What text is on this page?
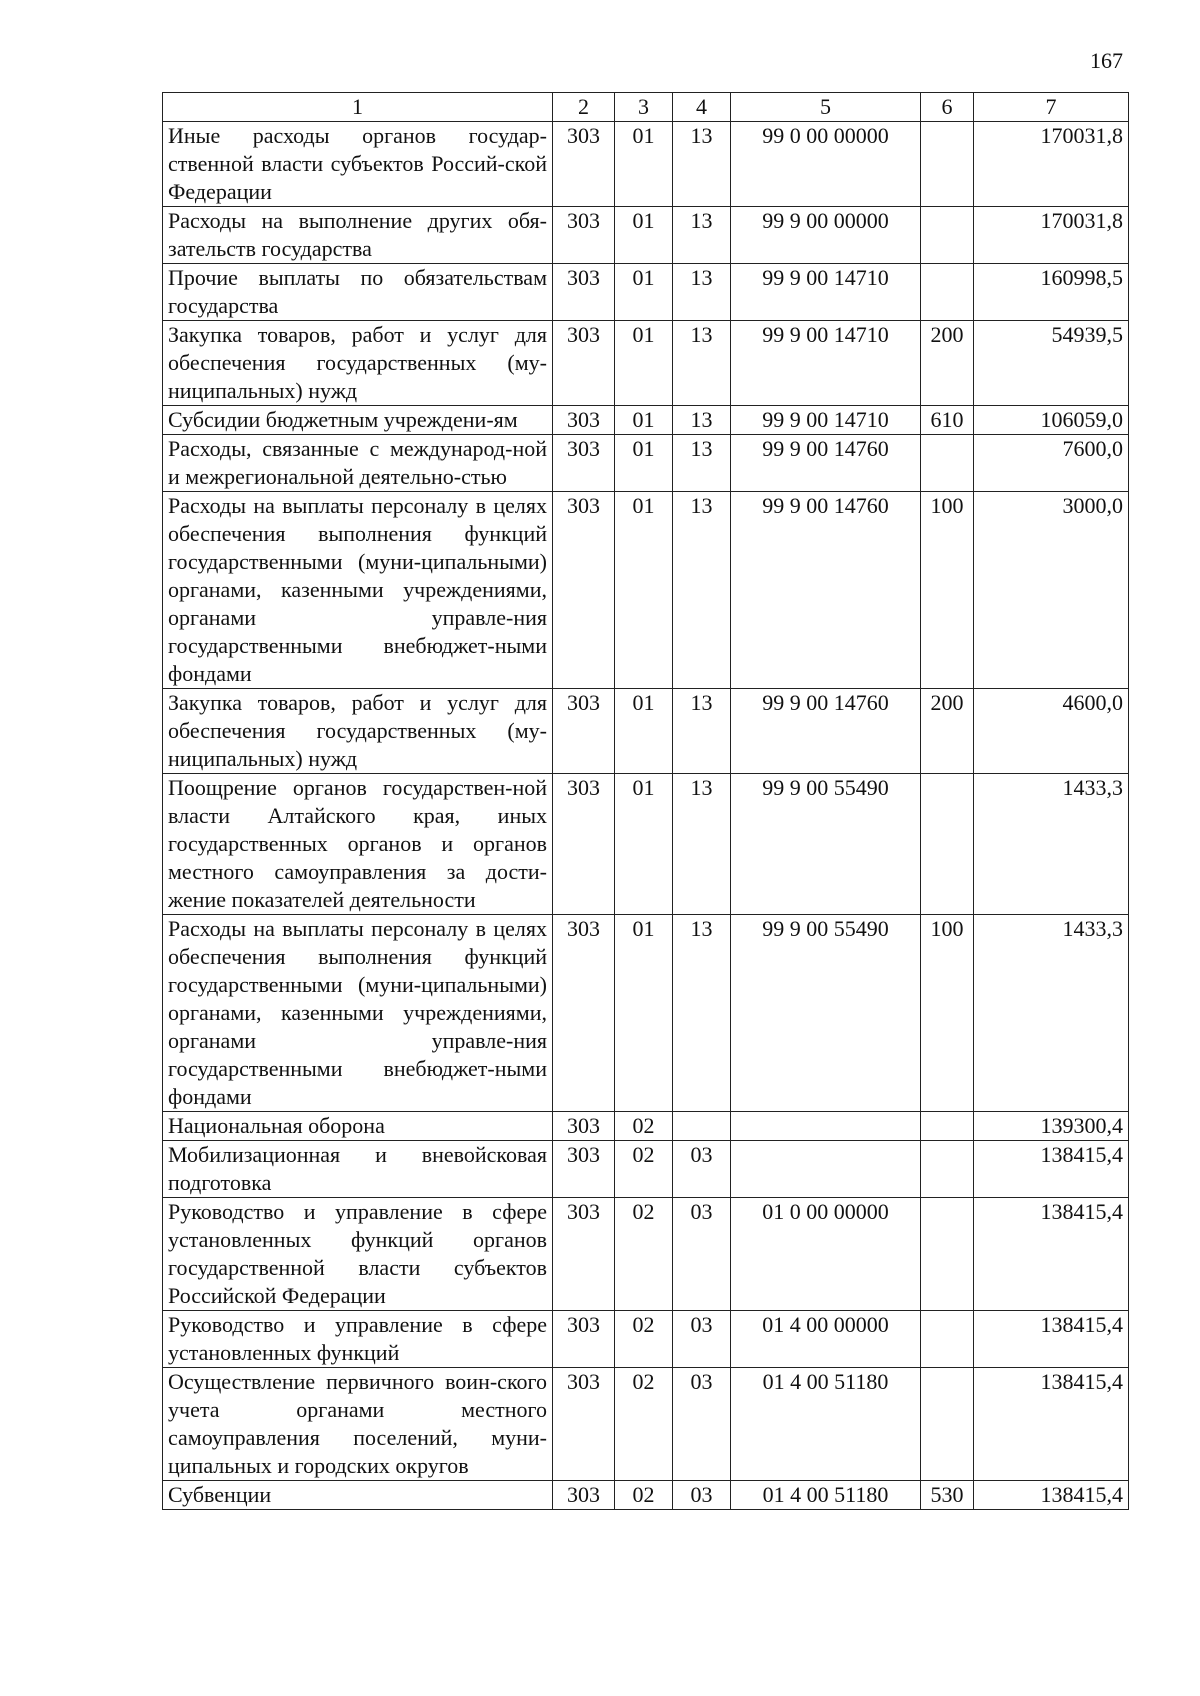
167
1	2	3	4	5	6	7
Иные расходы органов государ-ственной власти субъектов Россий-ской Федерации	303	01	13	99 0 00 00000		170031,8
Расходы на выполнение других обя-зательств государства	303	01	13	99 9 00 00000		170031,8
Прочие выплаты по обязательствам государства	303	01	13	99 9 00 14710		160998,5
Закупка товаров, работ и услуг для обеспечения государственных (му-ниципальных) нужд	303	01	13	99 9 00 14710	200	54939,5
Субсидии бюджетным учреждени-ям	303	01	13	99 9 00 14710	610	106059,0
Расходы, связанные с международ-ной и межрегиональной деятельно-стью	303	01	13	99 9 00 14760		7600,0
Расходы на выплаты персоналу в целях обеспечения выполнения функций государственными (муни-ципальными) органами, казенными учреждениями, органами управле-ния государственными внебюджет-ными фондами	303	01	13	99 9 00 14760	100	3000,0
Закупка товаров, работ и услуг для обеспечения государственных (му-ниципальных) нужд	303	01	13	99 9 00 14760	200	4600,0
Поощрение органов государствен-ной власти Алтайского края, иных государственных органов и органов местного самоуправления за дости-жение показателей деятельности	303	01	13	99 9 00 55490		1433,3
Расходы на выплаты персоналу в целях обеспечения выполнения функций государственными (муни-ципальными) органами, казенными учреждениями, органами управле-ния государственными внебюджет-ными фондами	303	01	13	99 9 00 55490	100	1433,3
Национальная оборона	303	02				139300,4
Мобилизационная и вневойсковая подготовка	303	02	03			138415,4
Руководство и управление в сфере установленных функций органов государственной власти субъектов Российской Федерации	303	02	03	01 0 00 00000		138415,4
Руководство и управление в сфере установленных функций	303	02	03	01 4 00 00000		138415,4
Осуществление первичного воин-ского учета органами местного самоуправления поселений, муни-ципальных и городских округов	303	02	03	01 4 00 51180		138415,4
Субвенции	303	02	03	01 4 00 51180	530	138415,4
